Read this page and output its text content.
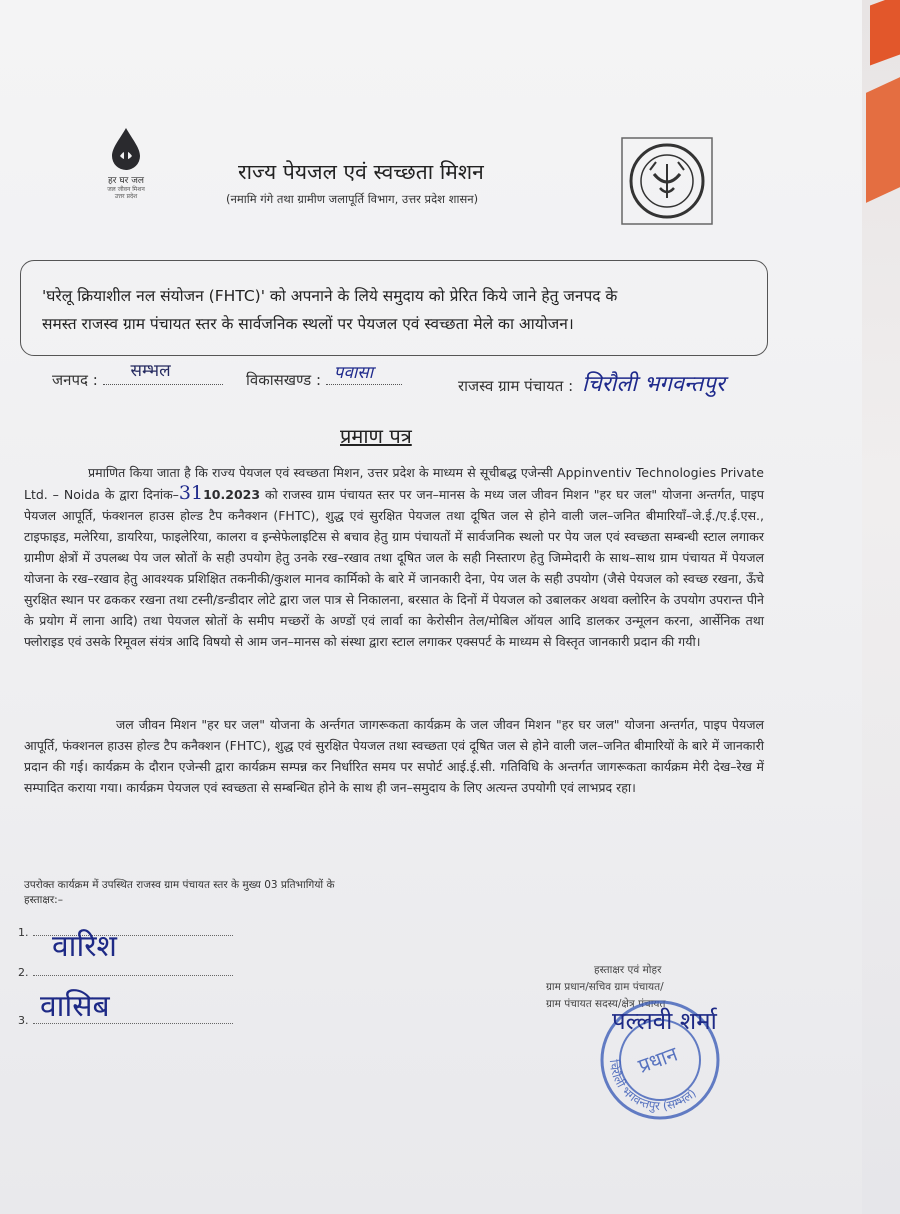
हर घर जल
जल जीवन मिशन
उत्तर प्रदेश
राज्य पेयजल एवं स्वच्छता मिशन
(नमामि गंगे तथा ग्रामीण जलापूर्ति विभाग, उत्तर प्रदेश शासन)
'घरेलू क्रियाशील नल संयोजन (FHTC)' को अपनाने के लिये समुदाय को प्रेरित किये जाने हेतु जनपद के
समस्त राजस्व ग्राम पंचायत स्तर के सार्वजनिक स्थलों पर पेयजल एवं स्वच्छता मेले का आयोजन।
जनपद : सम्भल	विकासखण्ड : पवासा
राजस्व ग्राम पंचायत : चिरौली भगवन्तपुर
प्रमाण पत्र
प्रमाणित किया जाता है कि राज्य पेयजल एवं स्वच्छता मिशन, उत्तर प्रदेश के माध्यम से सूचीबद्ध एजेन्सी Appinventiv Technologies Private Ltd. – Noida के द्वारा दिनांक–3110.2023 को राजस्व ग्राम पंचायत स्तर पर जन–मानस के मध्य जल जीवन मिशन "हर घर जल" योजना अन्तर्गत, पाइप पेयजल आपूर्ति, फंक्शनल हाउस होल्ड टैप कनैक्शन (FHTC), शुद्ध एवं सुरक्षित पेयजल तथा दूषित जल से होने वाली जल–जनित बीमारियाँ–जे.ई./ए.ई.एस., टाइफाइड, मलेरिया, डायरिया, फाइलेरिया, कालरा व इन्सेफेलाइटिस से बचाव हेतु ग्राम पंचायतों में सार्वजनिक स्थलो पर पेय जल एवं स्वच्छता सम्बन्धी स्टाल लगाकर ग्रामीण क्षेत्रों में उपलब्ध पेय जल स्रोतों के सही उपयोग हेतु उनके रख–रखाव तथा दूषित जल के सही निस्तारण हेतु जिम्मेदारी के साथ–साथ ग्राम पंचायत में पेयजल योजना के रख–रखाव हेतु आवश्यक प्रशिक्षित तकनीकी/कुशल मानव कार्मिको के बारे में जानकारी देना, पेय जल के सही उपयोग (जैसे पेयजल को स्वच्छ रखना, ऊँचे सुरक्षित स्थान पर ढककर रखना तथा टस्नी/डन्डीदार लोटे द्वारा जल पात्र से निकालना, बरसात के दिनों में पेयजल को उबालकर अथवा क्लोरिन के उपयोग उपरान्त पीने के प्रयोग में लाना आदि) तथा पेयजल स्रोतों के समीप मच्छरों के अण्डों एवं लार्वा का केरोसीन तेल/मोबिल ऑयल आदि डालकर उन्मूलन करना, आर्सेनिक तथा फ्लोराइड एवं उसके रिमूवल संयंत्र आदि विषयो से आम जन–मानस को संस्था द्वारा स्टाल लगाकर एक्सपर्ट के माध्यम से विस्तृत जानकारी प्रदान की गयी।
जल जीवन मिशन "हर घर जल" योजना के अर्न्तगत जागरूकता कार्यक्रम के जल जीवन मिशन "हर घर जल" योजना अन्तर्गत, पाइप पेयजल आपूर्ति, फंक्शनल हाउस होल्ड टैप कनैक्शन (FHTC), शुद्ध एवं सुरक्षित पेयजल तथा स्वच्छता एवं दूषित जल से होने वाली जल–जनित बीमारियों के बारे में जानकारी प्रदान की गई। कार्यक्रम के दौरान एजेन्सी द्वारा कार्यक्रम सम्पन्न कर निर्धारित समय पर सपोर्ट आई.ई.सी. गतिविधि के अन्तर्गत जागरूकता कार्यक्रम मेरी देख–रेख में सम्पादित कराया गया। कार्यक्रम पेयजल एवं स्वच्छता से सम्बन्धित होने के साथ ही जन–समुदाय के लिए अत्यन्त उपयोगी एवं लाभप्रद रहा।
उपरोक्त कार्यक्रम में उपस्थित राजस्व ग्राम पंचायत स्तर के मुख्य 03 प्रतिभागियों के
हस्ताक्षर:–
1.
2.
3.
वारिश
वासिब
हस्ताक्षर एवं मोहर
ग्राम प्रधान/सचिव ग्राम पंचायत/
ग्राम पंचायत सदस्य/क्षेत्र पंचायत
चिरौली भगवन्तपुर (सम्भल)
प्रधान
पल्लवी शर्मा
